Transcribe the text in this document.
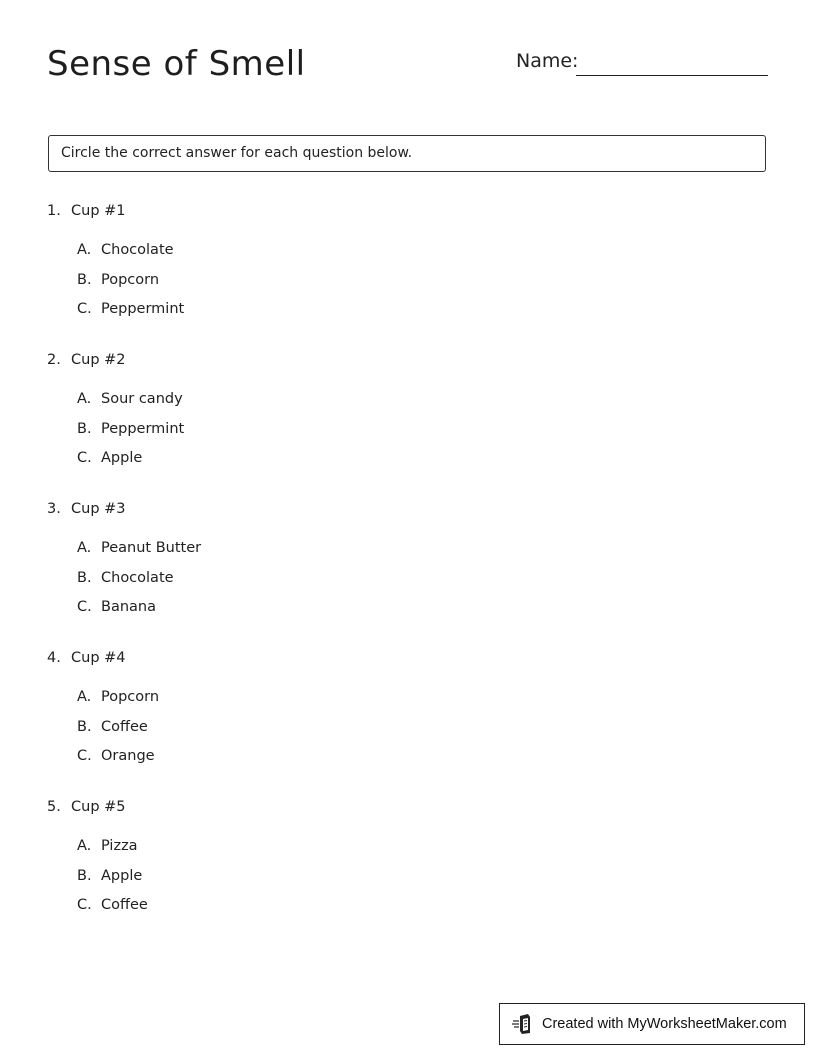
Sense of Smell	Name:
Circle the correct answer for each question below.
1. Cup #1
A. Chocolate
B. Popcorn
C. Peppermint
2. Cup #2
A. Sour candy
B. Peppermint
C. Apple
3. Cup #3
A. Peanut Butter
B. Chocolate
C. Banana
4. Cup #4
A. Popcorn
B. Coffee
C. Orange
5. Cup #5
A. Pizza
B. Apple
C. Coffee
Created with MyWorksheetMaker.com
